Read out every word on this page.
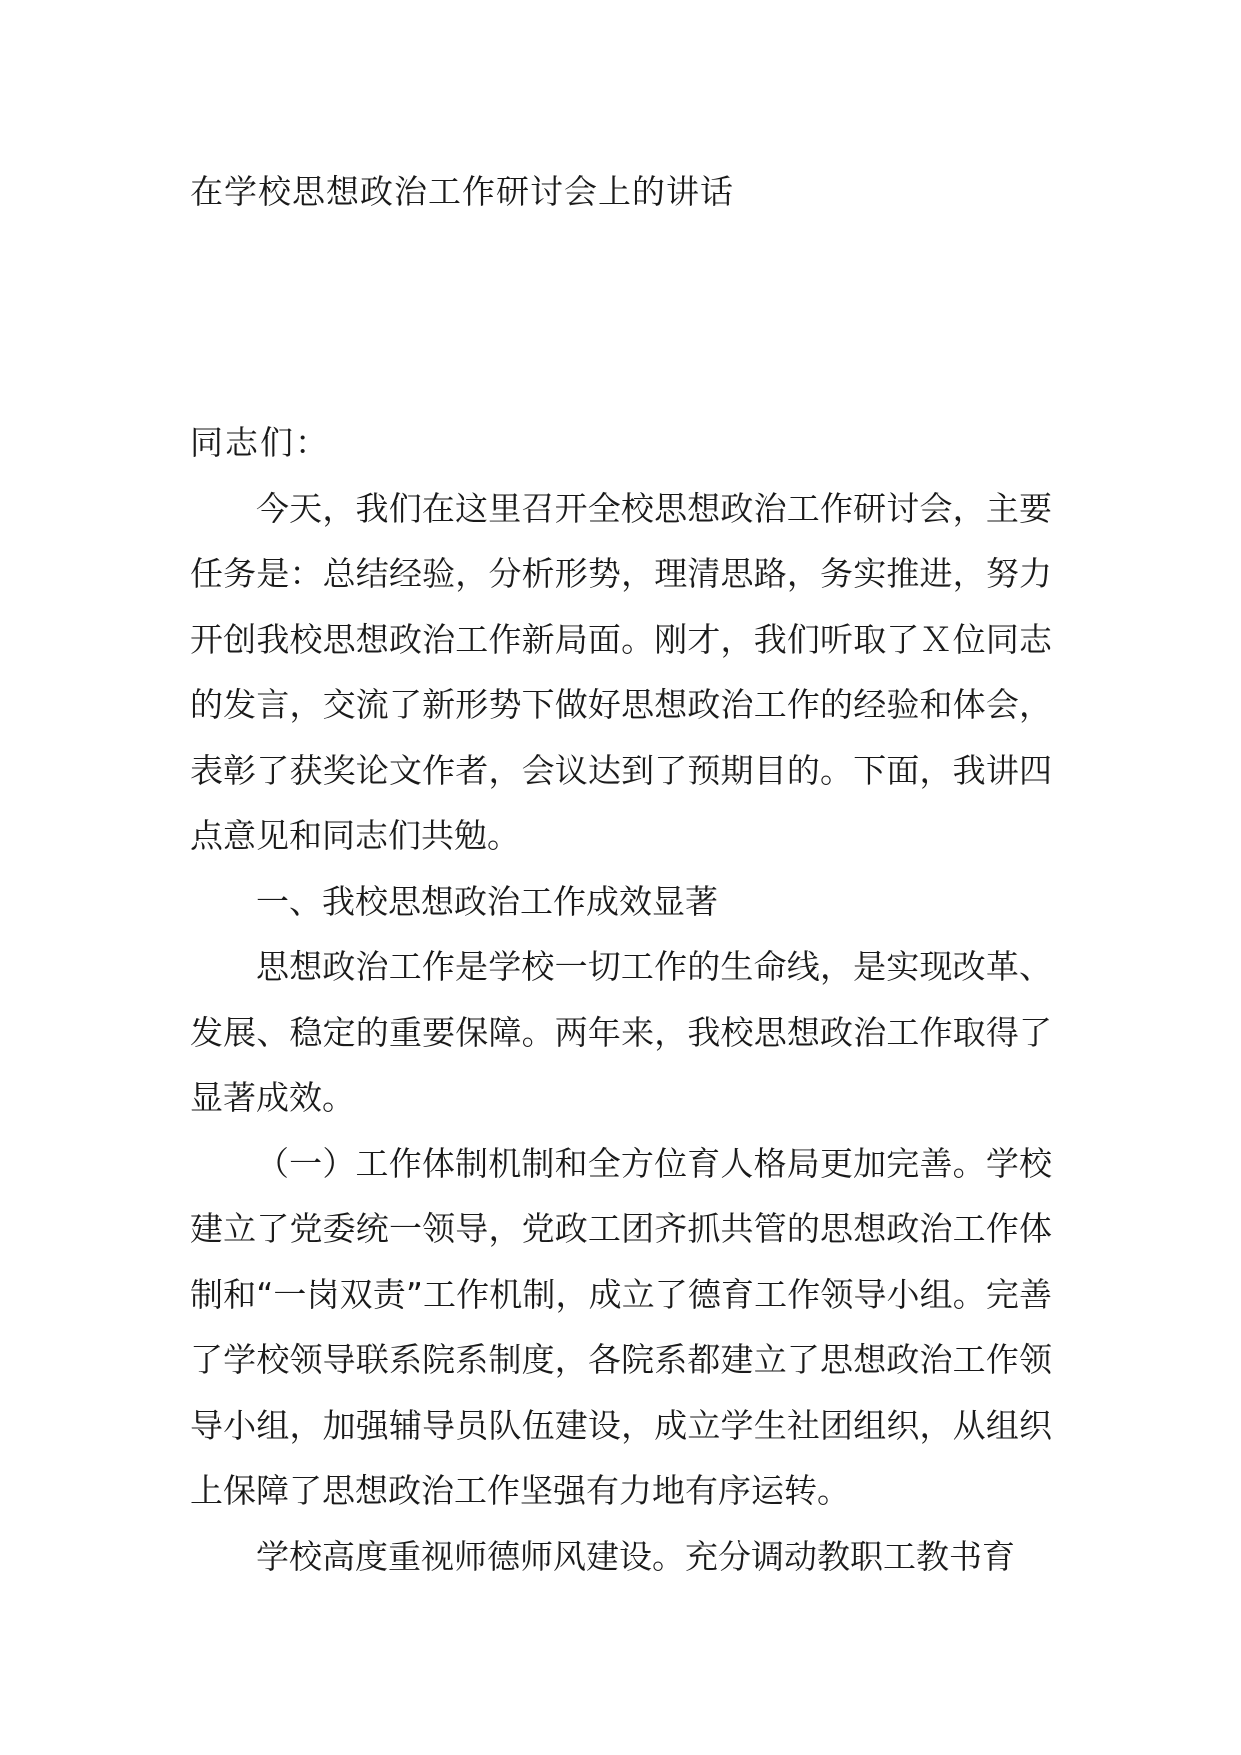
在学校思想政治工作研讨会上的讲话

同志们：

今天，我们在这里召开全校思想政治工作研讨会，主要任务是：总结经验，分析形势，理清思路，务实推进，努力开创我校思想政治工作新局面。刚才，我们听取了Ｘ位同志的发言，交流了新形势下做好思想政治工作的经验和体会，表彰了获奖论文作者，会议达到了预期目的。下面，我讲四点意见和同志们共勉。

一、我校思想政治工作成效显著

思想政治工作是学校一切工作的生命线，是实现改革、发展、稳定的重要保障。两年来，我校思想政治工作取得了显著成效。

（一）工作体制机制和全方位育人格局更加完善。学校建立了党委统一领导，党政工团齐抓共管的思想政治工作体制和“一岗双责”工作机制，成立了德育工作领导小组。完善了学校领导联系院系制度，各院系都建立了思想政治工作领导小组，加强辅导员队伍建设，成立学生社团组织，从组织上保障了思想政治工作坚强有力地有序运转。

学校高度重视师德师风建设。充分调动教职工教书育
